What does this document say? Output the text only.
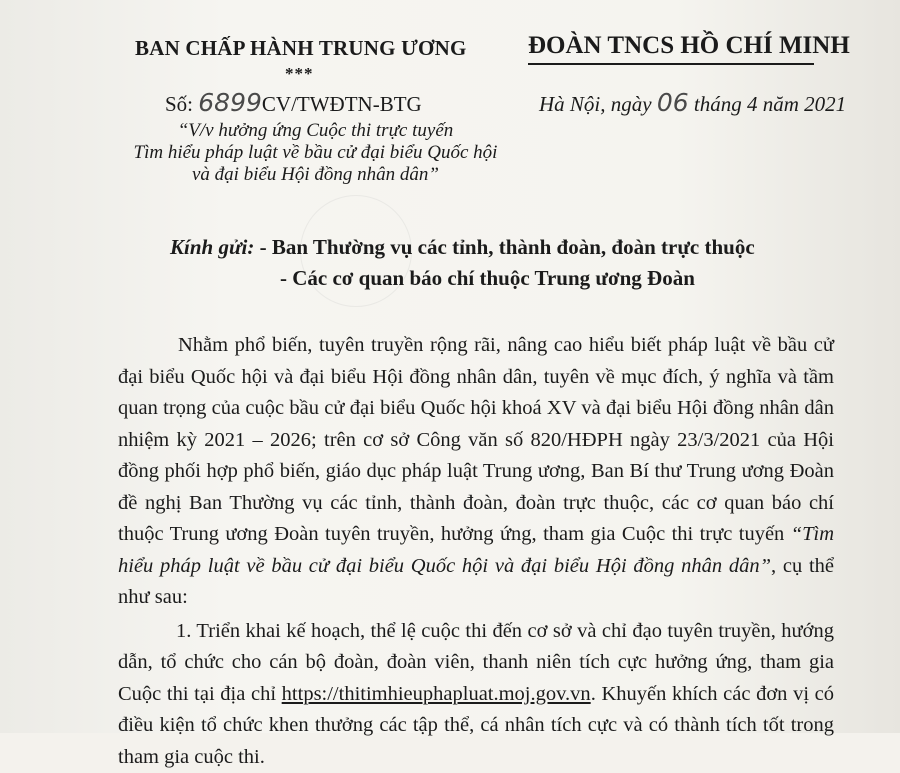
BAN CHẤP HÀNH TRUNG ƯƠNG
***
ĐOÀN TNCS HỒ CHÍ MINH
Số: 6899CV/TWĐTN-BTG	Hà Nội, ngày 06 tháng 4 năm 2021
“V/v hưởng ứng Cuộc thi trực tuyến
Tìm hiểu pháp luật về bầu cử đại biểu Quốc hội
và đại biểu Hội đồng nhân dân”
Kính gửi: - Ban Thường vụ các tỉnh, thành đoàn, đoàn trực thuộc
- Các cơ quan báo chí thuộc Trung ương Đoàn

Nhằm phổ biến, tuyên truyền rộng rãi, nâng cao hiểu biết pháp luật về bầu cử đại biểu Quốc hội và đại biểu Hội đồng nhân dân, tuyên về mục đích, ý nghĩa và tầm quan trọng của cuộc bầu cử đại biểu Quốc hội khoá XV và đại biểu Hội đồng nhân dân nhiệm kỳ 2021 – 2026; trên cơ sở Công văn số 820/HĐPH ngày 23/3/2021 của Hội đồng phối hợp phổ biến, giáo dục pháp luật Trung ương, Ban Bí thư Trung ương Đoàn đề nghị Ban Thường vụ các tỉnh, thành đoàn, đoàn trực thuộc, các cơ quan báo chí thuộc Trung ương Đoàn tuyên truyền, hưởng ứng, tham gia Cuộc thi trực tuyến “Tìm hiểu pháp luật về bầu cử đại biểu Quốc hội và đại biểu Hội đồng nhân dân”, cụ thể như sau:

1. Triển khai kế hoạch, thể lệ cuộc thi đến cơ sở và chỉ đạo tuyên truyền, hướng dẫn, tổ chức cho cán bộ đoàn, đoàn viên, thanh niên tích cực hưởng ứng, tham gia Cuộc thi tại địa chỉ https://thitimhieuphapluat.moj.gov.vn. Khuyến khích các đơn vị có điều kiện tổ chức khen thưởng các tập thể, cá nhân tích cực và có thành tích tốt trong tham gia cuộc thi.
